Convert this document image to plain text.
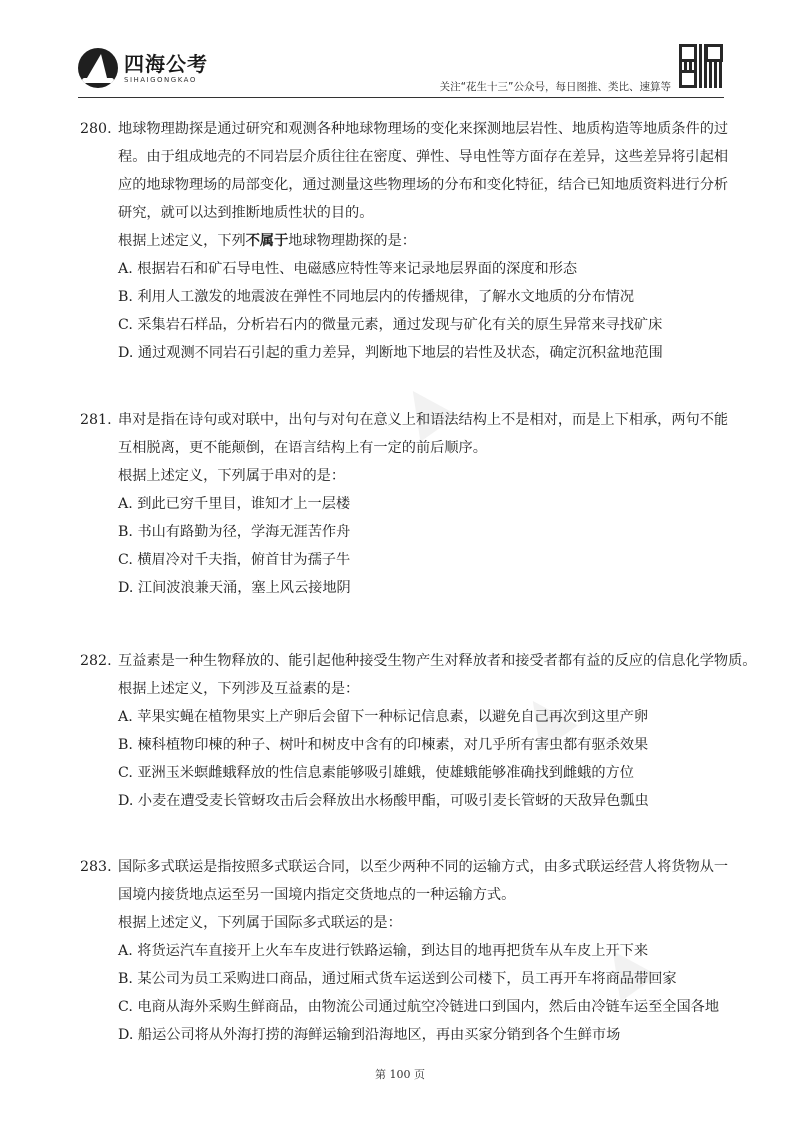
四海公考
SIHAIGONGKAO
关注“花生十三”公众号，每日图推、类比、速算等
▲
▲
▲
280. 地球物理勘探是通过研究和观测各种地球物理场的变化来探测地层岩性、地质构造等地质条件的过
程。由于组成地壳的不同岩层介质往往在密度、弹性、导电性等方面存在差异，这些差异将引起相
应的地球物理场的局部变化，通过测量这些物理场的分布和变化特征，结合已知地质资料进行分析
研究，就可以达到推断地质性状的目的。
根据上述定义，下列不属于地球物理勘探的是：
A. 根据岩石和矿石导电性、电磁感应特性等来记录地层界面的深度和形态
B. 利用人工激发的地震波在弹性不同地层内的传播规律，了解水文地质的分布情况
C. 采集岩石样品，分析岩石内的微量元素，通过发现与矿化有关的原生异常来寻找矿床
D. 通过观测不同岩石引起的重力差异，判断地下地层的岩性及状态，确定沉积盆地范围
281. 串对是指在诗句或对联中，出句与对句在意义上和语法结构上不是相对，而是上下相承，两句不能
互相脱离，更不能颠倒，在语言结构上有一定的前后顺序。
根据上述定义，下列属于串对的是：
A. 到此已穷千里目，谁知才上一层楼
B. 书山有路勤为径，学海无涯苦作舟
C. 横眉冷对千夫指，俯首甘为孺子牛
D. 江间波浪兼天涌，塞上风云接地阴
282. 互益素是一种生物释放的、能引起他种接受生物产生对释放者和接受者都有益的反应的信息化学物质。
根据上述定义，下列涉及互益素的是：
A. 苹果实蝇在植物果实上产卵后会留下一种标记信息素，以避免自己再次到这里产卵
B. 楝科植物印楝的种子、树叶和树皮中含有的印楝素，对几乎所有害虫都有驱杀效果
C. 亚洲玉米螟雌蛾释放的性信息素能够吸引雄蛾，使雄蛾能够准确找到雌蛾的方位
D. 小麦在遭受麦长管蚜攻击后会释放出水杨酸甲酯，可吸引麦长管蚜的天敌异色瓢虫
283. 国际多式联运是指按照多式联运合同，以至少两种不同的运输方式，由多式联运经营人将货物从一
国境内接货地点运至另一国境内指定交货地点的一种运输方式。
根据上述定义，下列属于国际多式联运的是：
A. 将货运汽车直接开上火车车皮进行铁路运输，到达目的地再把货车从车皮上开下来
B. 某公司为员工采购进口商品，通过厢式货车运送到公司楼下，员工再开车将商品带回家
C. 电商从海外采购生鲜商品，由物流公司通过航空冷链进口到国内，然后由冷链车运至全国各地
D. 船运公司将从外海打捞的海鲜运输到沿海地区，再由买家分销到各个生鲜市场
第 100 页
